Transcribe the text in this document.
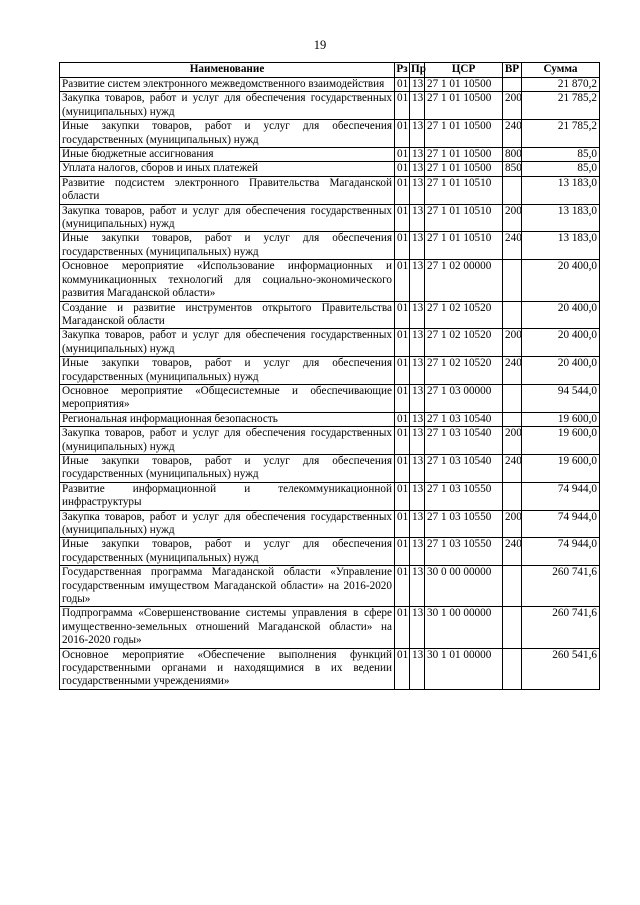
19
Наименование	Рз	Пр	ЦСР	ВР	Сумма
Развитие систем электронного межведомственного взаимодействия	01	13	27 1 01 10500		21 870,2
Закупка товаров, работ и услуг для обеспечения государственных (муниципальных) нужд	01	13	27 1 01 10500	200	21 785,2
Иные закупки товаров, работ и услуг для обеспечения государственных (муниципальных) нужд	01	13	27 1 01 10500	240	21 785,2
Иные бюджетные ассигнования	01	13	27 1 01 10500	800	85,0
Уплата налогов, сборов и иных платежей	01	13	27 1 01 10500	850	85,0
Развитие подсистем электронного Правительства Магаданской области	01	13	27 1 01 10510		13 183,0
Закупка товаров, работ и услуг для обеспечения государственных (муниципальных) нужд	01	13	27 1 01 10510	200	13 183,0
Иные закупки товаров, работ и услуг для обеспечения государственных (муниципальных) нужд	01	13	27 1 01 10510	240	13 183,0
Основное мероприятие «Использование информационных и коммуникационных технологий для социально-экономического развития Магаданской области»	01	13	27 1 02 00000		20 400,0
Создание и развитие инструментов открытого Правительства Магаданской области	01	13	27 1 02 10520		20 400,0
Закупка товаров, работ и услуг для обеспечения государственных (муниципальных) нужд	01	13	27 1 02 10520	200	20 400,0
Иные закупки товаров, работ и услуг для обеспечения государственных (муниципальных) нужд	01	13	27 1 02 10520	240	20 400,0
Основное мероприятие «Общесистемные и обеспечивающие мероприятия»	01	13	27 1 03 00000		94 544,0
Региональная информационная безопасность	01	13	27 1 03 10540		19 600,0
Закупка товаров, работ и услуг для обеспечения государственных (муниципальных) нужд	01	13	27 1 03 10540	200	19 600,0
Иные закупки товаров, работ и услуг для обеспечения государственных (муниципальных) нужд	01	13	27 1 03 10540	240	19 600,0
Развитие информационной и телекоммуникационной инфраструктуры	01	13	27 1 03 10550		74 944,0
Закупка товаров, работ и услуг для обеспечения государственных (муниципальных) нужд	01	13	27 1 03 10550	200	74 944,0
Иные закупки товаров, работ и услуг для обеспечения государственных (муниципальных) нужд	01	13	27 1 03 10550	240	74 944,0
Государственная программа Магаданской области «Управление государственным имуществом Магаданской области» на 2016-2020 годы»	01	13	30 0 00 00000		260 741,6
Подпрограмма «Совершенствование системы управления в сфере имущественно-земельных отношений Магаданской области» на 2016-2020 годы»	01	13	30 1 00 00000		260 741,6
Основное мероприятие «Обеспечение выполнения функций государственными органами и находящимися в их ведении государственными учреждениями»	01	13	30 1 01 00000		260 541,6
